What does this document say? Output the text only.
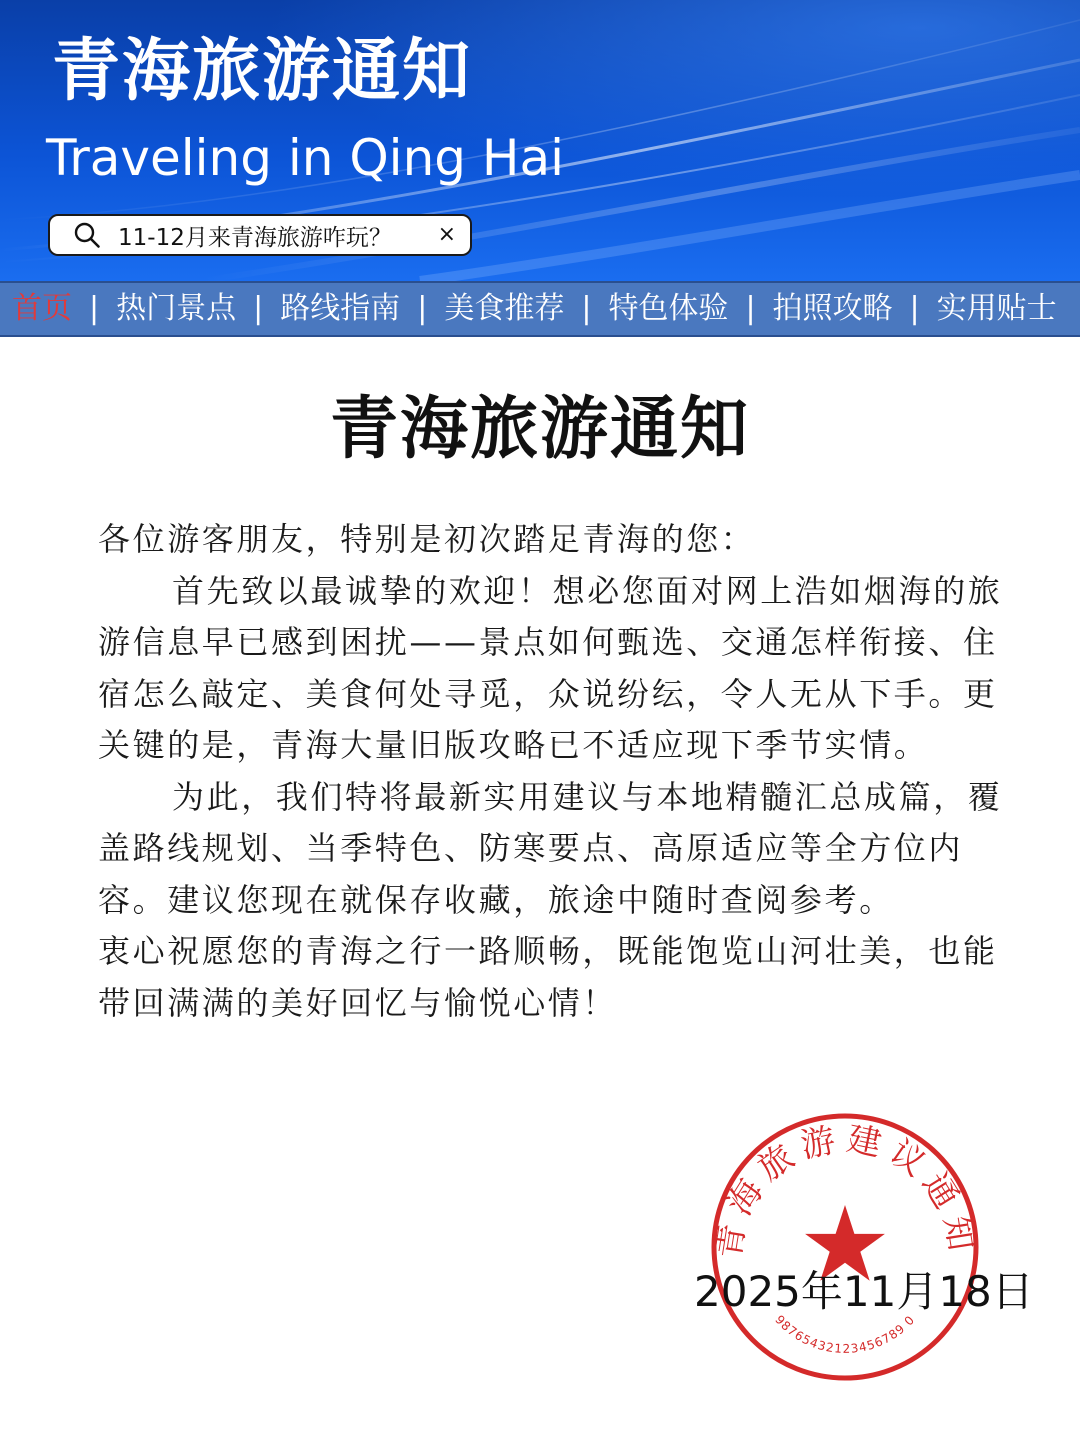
青海旅游通知
Traveling in Qing Hai
11-12月来青海旅游咋玩？	×
首页 | 热门景点 | 路线指南 | 美食推荐 | 特色体验 | 拍照攻略 | 实用贴士
青海旅游通知

各位游客朋友，特别是初次踏足青海的您：

首先致以最诚挚的欢迎！想必您面对网上浩如烟海的旅游信息早已感到困扰——景点如何甄选、交通怎样衔接、住宿怎么敲定、美食何处寻觅，众说纷纭，令人无从下手。更关键的是，青海大量旧版攻略已不适应现下季节实情。

为此，我们特将最新实用建议与本地精髓汇总成篇，覆盖路线规划、当季特色、防寒要点、高原适应等全方位内容。建议您现在就保存收藏，旅途中随时查阅参考。

衷心祝愿您的青海之行一路顺畅，既能饱览山河壮美，也能带回满满的美好回忆与愉悦心情！

青海旅游建议通知
98765432123456789 0
2025年11月18日
